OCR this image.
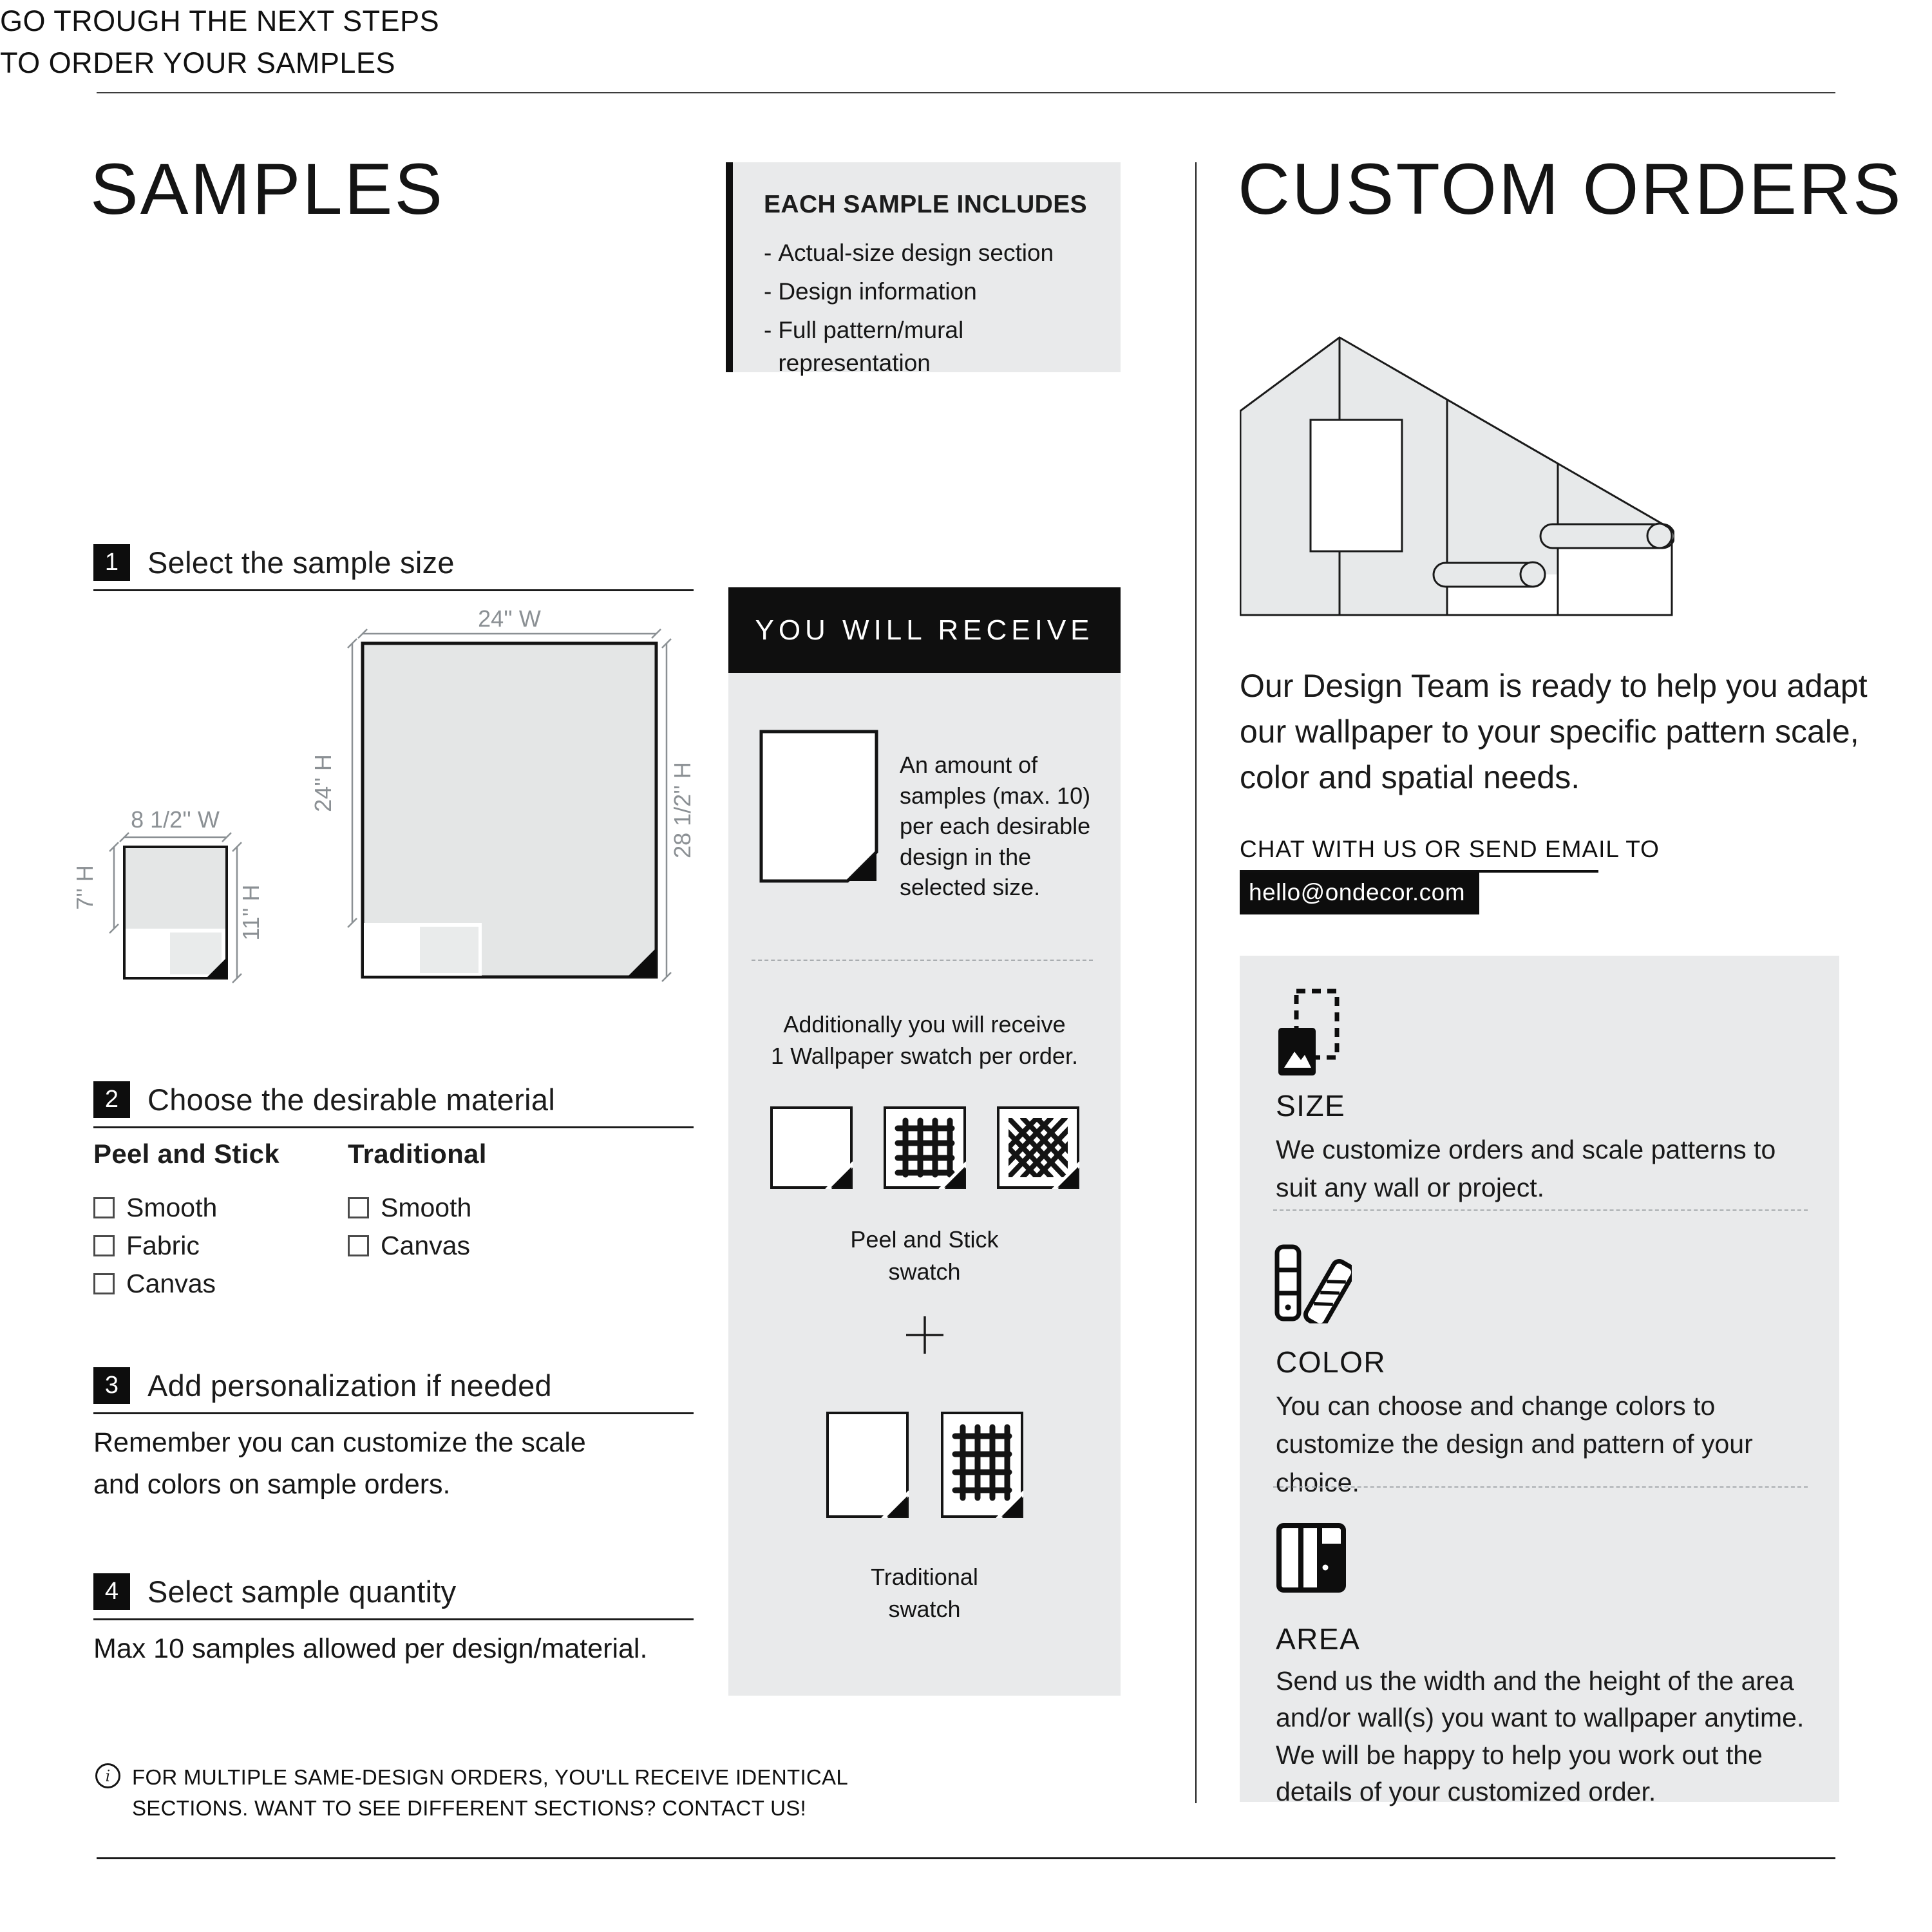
SAMPLES
GO TROUGH THE NEXT STEPS
TO ORDER YOUR SAMPLES
1 Select the sample size
24'' W
24'' H	28 1/2'' H
8 1/2'' W
7'' H	11'' H
2 Choose the desirable material
Peel and Stick
Smooth
Fabric
Canvas
Traditional
Smooth
Canvas
3 Add personalization if needed
Remember you can customize the scale
and colors on sample orders.
4 Select sample quantity
Max 10 samples allowed per design/material.
i	FOR MULTIPLE SAME-DESIGN ORDERS, YOU'LL RECEIVE IDENTICAL
SECTIONS. WANT TO SEE DIFFERENT SECTIONS? CONTACT US!
EACH SAMPLE INCLUDES
- Actual-size design section
- Design information
- Full pattern/mural representation
YOU WILL RECEIVE
An amount of samples (max. 10) per each desirable design in the selected size.
Additionally you will receive
1 Wallpaper swatch per order.
Peel and Stick
swatch
Traditional
swatch
CUSTOM ORDERS
Our Design Team is ready to help you adapt our wallpaper to your specific pattern scale, color and spatial needs.
CHAT WITH US OR SEND EMAIL TO
hello@ondecor.com
SIZE
We customize orders and scale patterns to suit any wall or project.
COLOR
You can choose and change colors to customize the design and pattern of your choice.
AREA
Send us the width and the height of the area and/or wall(s) you want to wallpaper anytime. We will be happy to help you work out the details of your customized order.
